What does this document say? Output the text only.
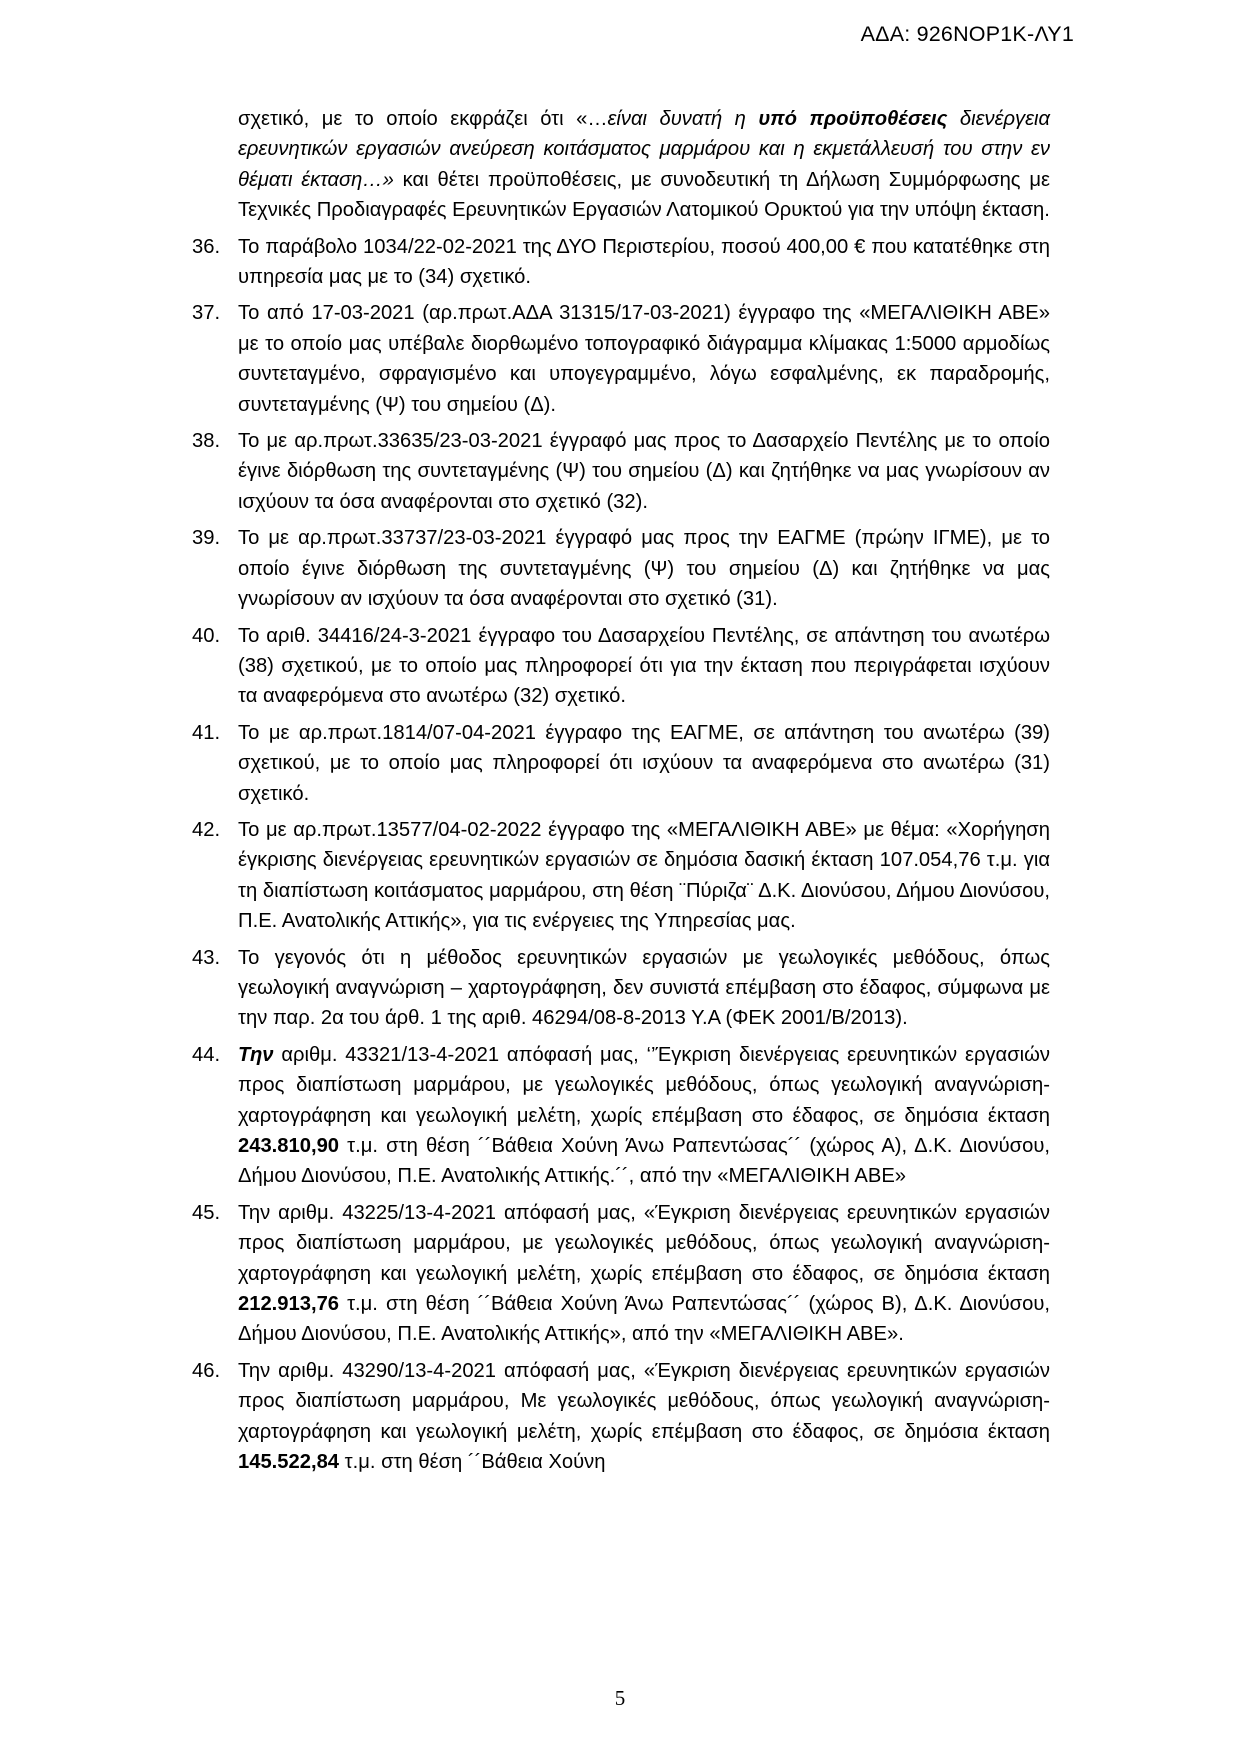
ΑΔΑ: 926ΝΟΡ1Κ-ΛΥ1

σχετικό, με το οποίο εκφράζει ότι «…είναι δυνατή η υπό προϋποθέσεις διενέργεια ερευνητικών εργασιών ανεύρεση κοιτάσματος μαρμάρου και η εκμετάλλευσή του στην εν θέματι έκταση…» και θέτει προϋποθέσεις, με συνοδευτική τη Δήλωση Συμμόρφωσης με Τεχνικές Προδιαγραφές Ερευνητικών Εργασιών Λατομικού Ορυκτού για την υπόψη έκταση.

36. Το παράβολο 1034/22-02-2021 της ΔΥΟ Περιστερίου, ποσού 400,00 € που κατατέθηκε στη υπηρεσία μας με το (34) σχετικό.
37. Το από 17-03-2021 (αρ.πρωτ.ΑΔΑ 31315/17-03-2021) έγγραφο της «ΜΕΓΑΛΙΘΙΚΗ ΑΒΕ» με το οποίο μας υπέβαλε διορθωμένο τοπογραφικό διάγραμμα κλίμακας 1:5000 αρμοδίως συντεταγμένο, σφραγισμένο και υπογεγραμμένο, λόγω εσφαλμένης, εκ παραδρομής, συντεταγμένης (Ψ) του σημείου (Δ).
38. Το με αρ.πρωτ.33635/23-03-2021 έγγραφό μας προς το Δασαρχείο Πεντέλης με το οποίο έγινε διόρθωση της συντεταγμένης (Ψ) του σημείου (Δ) και ζητήθηκε να μας γνωρίσουν αν ισχύουν τα όσα αναφέρονται στο σχετικό (32).
39. Το με αρ.πρωτ.33737/23-03-2021 έγγραφό μας προς την ΕΑΓΜΕ (πρώην ΙΓΜΕ), με το οποίο έγινε διόρθωση της συντεταγμένης (Ψ) του σημείου (Δ) και ζητήθηκε να μας γνωρίσουν αν ισχύουν τα όσα αναφέρονται στο σχετικό (31).
40. Το αριθ. 34416/24-3-2021 έγγραφο του Δασαρχείου Πεντέλης, σε απάντηση του ανωτέρω (38) σχετικού, με το οποίο μας πληροφορεί ότι για την έκταση που περιγράφεται ισχύουν τα αναφερόμενα στο ανωτέρω (32) σχετικό.
41. Το με αρ.πρωτ.1814/07-04-2021 έγγραφο της ΕΑΓΜΕ, σε απάντηση του ανωτέρω (39) σχετικού, με το οποίο μας πληροφορεί ότι ισχύουν τα αναφερόμενα στο ανωτέρω (31) σχετικό.
42. Το με αρ.πρωτ.13577/04-02-2022 έγγραφο της «ΜΕΓΑΛΙΘΙΚΗ ΑΒΕ» με θέμα: «Χορήγηση έγκρισης διενέργειας ερευνητικών εργασιών σε δημόσια δασική έκταση 107.054,76 τ.μ. για τη διαπίστωση κοιτάσματος μαρμάρου, στη θέση ¨Πύριζα¨ Δ.Κ. Διονύσου, Δήμου Διονύσου, Π.Ε. Ανατολικής Αττικής», για τις ενέργειες της Υπηρεσίας μας.
43. Το γεγονός ότι η μέθοδος ερευνητικών εργασιών με γεωλογικές μεθόδους, όπως γεωλογική αναγνώριση – χαρτογράφηση, δεν συνιστά επέμβαση στο έδαφος, σύμφωνα με την παρ. 2α του άρθ. 1 της αριθ. 46294/08-8-2013 Υ.Α (ΦΕΚ 2001/Β/2013).
44. Την αριθμ. 43321/13-4-2021 απόφασή μας, ‘’Έγκριση διενέργειας ερευνητικών εργασιών προς διαπίστωση μαρμάρου, με γεωλογικές μεθόδους, όπως γεωλογική αναγνώριση-χαρτογράφηση και γεωλογική μελέτη, χωρίς επέμβαση στο έδαφος, σε δημόσια έκταση 243.810,90 τ.μ. στη θέση ´´Βάθεια Χούνη Άνω Ραπεντώσας´´ (χώρος Α), Δ.Κ. Διονύσου, Δήμου Διονύσου, Π.Ε. Ανατολικής Αττικής.´´, από την «ΜΕΓΑΛΙΘΙΚΗ ΑΒΕ»
45. Την αριθμ. 43225/13-4-2021 απόφασή μας, «Έγκριση διενέργειας ερευνητικών εργασιών προς διαπίστωση μαρμάρου, με γεωλογικές μεθόδους, όπως γεωλογική αναγνώριση-χαρτογράφηση και γεωλογική μελέτη, χωρίς επέμβαση στο έδαφος, σε δημόσια έκταση 212.913,76 τ.μ. στη θέση ´´Βάθεια Χούνη Άνω Ραπεντώσας´´ (χώρος Β), Δ.Κ. Διονύσου, Δήμου Διονύσου, Π.Ε. Ανατολικής Αττικής», από την «ΜΕΓΑΛΙΘΙΚΗ ΑΒΕ».
46. Την αριθμ. 43290/13-4-2021 απόφασή μας, «Έγκριση διενέργειας ερευνητικών εργασιών προς διαπίστωση μαρμάρου, Με γεωλογικές μεθόδους, όπως γεωλογική αναγνώριση-χαρτογράφηση και γεωλογική μελέτη, χωρίς επέμβαση στο έδαφος, σε δημόσια έκταση 145.522,84 τ.μ. στη θέση ´´Βάθεια Χούνη
5
